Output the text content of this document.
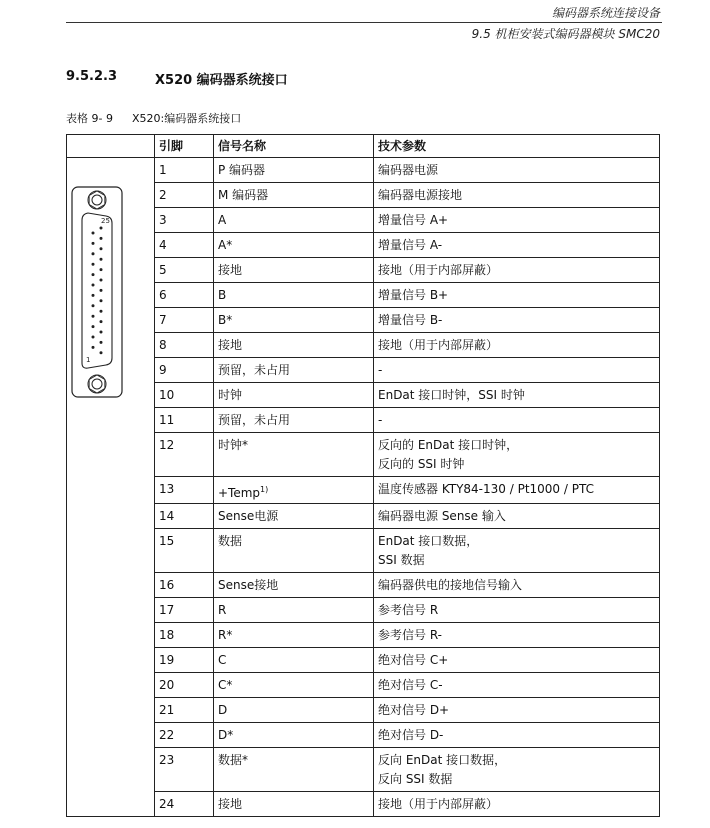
编码器系统连接设备
9.5 机柜安装式编码器模块 SMC20
9.5.2.3	X520 编码器系统接口
表格 9- 9 X520:编码器系统接口
	引脚	信号名称	技术参数

25
1	1	P 编码器	编码器电源

	2	M 编码器	编码器电源接地

	3	A	增量信号 A+

	4	A*	增量信号 A-

	5	接地	接地（用于内部屏蔽）

	6	B	增量信号 B+

	7	B*	增量信号 B-

	8	接地	接地（用于内部屏蔽）

	9	预留，未占用	-

	10	时钟	EnDat 接口时钟，SSI 时钟

	11	预留，未占用	-

	12	时钟*	反向的 EnDat 接口时钟，
反向的 SSI 时钟

	13	+Temp$^{1)}$	温度传感器 KTY84-130 / Pt1000 / PTC

	14	Sense电源	编码器电源 Sense 输入

	15	数据	EnDat 接口数据，
SSI 数据

	16	Sense接地	编码器供电的接地信号输入

	17	R	参考信号 R

	18	R*	参考信号 R-

	19	C	绝对信号 C+

	20	C*	绝对信号 C-

	21	D	绝对信号 D+

	22	D*	绝对信号 D-

	23	数据*	反向 EnDat 接口数据，
反向 SSI 数据

	24	接地	接地（用于内部屏蔽）
